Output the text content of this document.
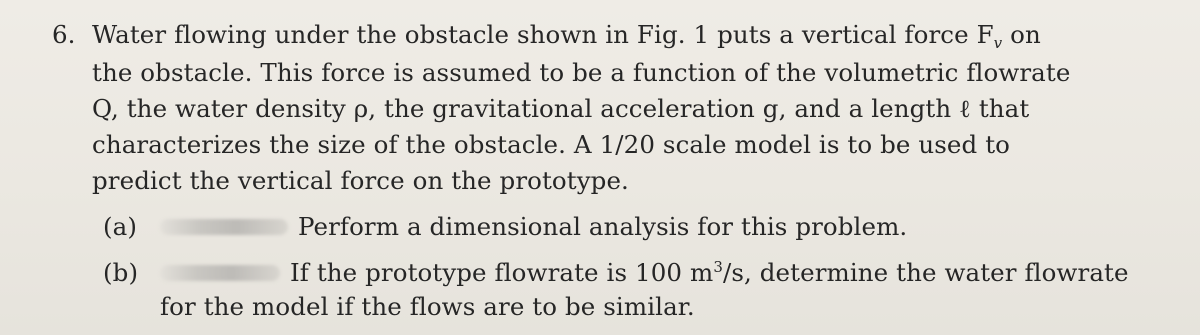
6. Water flowing under the obstacle shown in Fig. 1 puts a vertical force $F_v$ on
the obstacle. This force is assumed to be a function of the volumetric flowrate
Q, the water density ρ, the gravitational acceleration g, and a length ℓ that
characterizes the size of the obstacle. A 1/20 scale model is to be used to
predict the vertical force on the prototype.
(a)	Perform a dimensional analysis for this problem.
(b)	If the prototype flowrate is 100 $m^3/s$, determine the water flowrate
for the model if the flows are to be similar.
